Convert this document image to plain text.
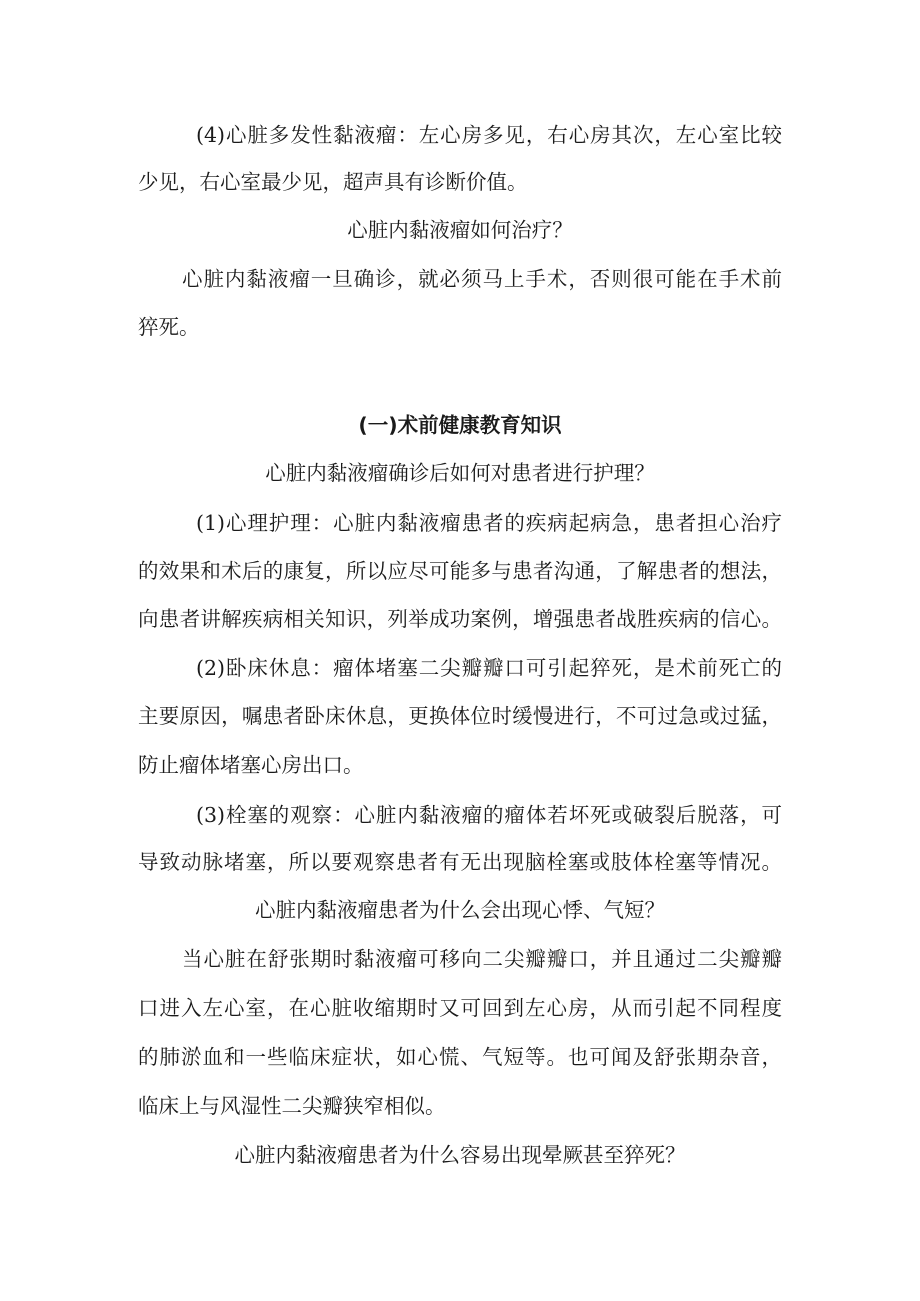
(4)心脏多发性黏液瘤：左心房多见，右心房其次，左心室比较
少见，右心室最少见，超声具有诊断价值。
心脏内黏液瘤如何治疗？
心脏内黏液瘤一旦确诊，就必须马上手术，否则很可能在手术前
猝死。
(一)术前健康教育知识
心脏内黏液瘤确诊后如何对患者进行护理？
(1)心理护理：心脏内黏液瘤患者的疾病起病急，患者担心治疗
的效果和术后的康复，所以应尽可能多与患者沟通，了解患者的想法，
向患者讲解疾病相关知识，列举成功案例，增强患者战胜疾病的信心。
(2)卧床休息：瘤体堵塞二尖瓣瓣口可引起猝死，是术前死亡的
主要原因，嘱患者卧床休息，更换体位时缓慢进行，不可过急或过猛，
防止瘤体堵塞心房出口。
(3)栓塞的观察：心脏内黏液瘤的瘤体若坏死或破裂后脱落，可
导致动脉堵塞，所以要观察患者有无出现脑栓塞或肢体栓塞等情况。
心脏内黏液瘤患者为什么会出现心悸、气短？
当心脏在舒张期时黏液瘤可移向二尖瓣瓣口，并且通过二尖瓣瓣
口进入左心室，在心脏收缩期时又可回到左心房，从而引起不同程度
的肺淤血和一些临床症状，如心慌、气短等。也可闻及舒张期杂音，
临床上与风湿性二尖瓣狭窄相似。
心脏内黏液瘤患者为什么容易出现晕厥甚至猝死？
